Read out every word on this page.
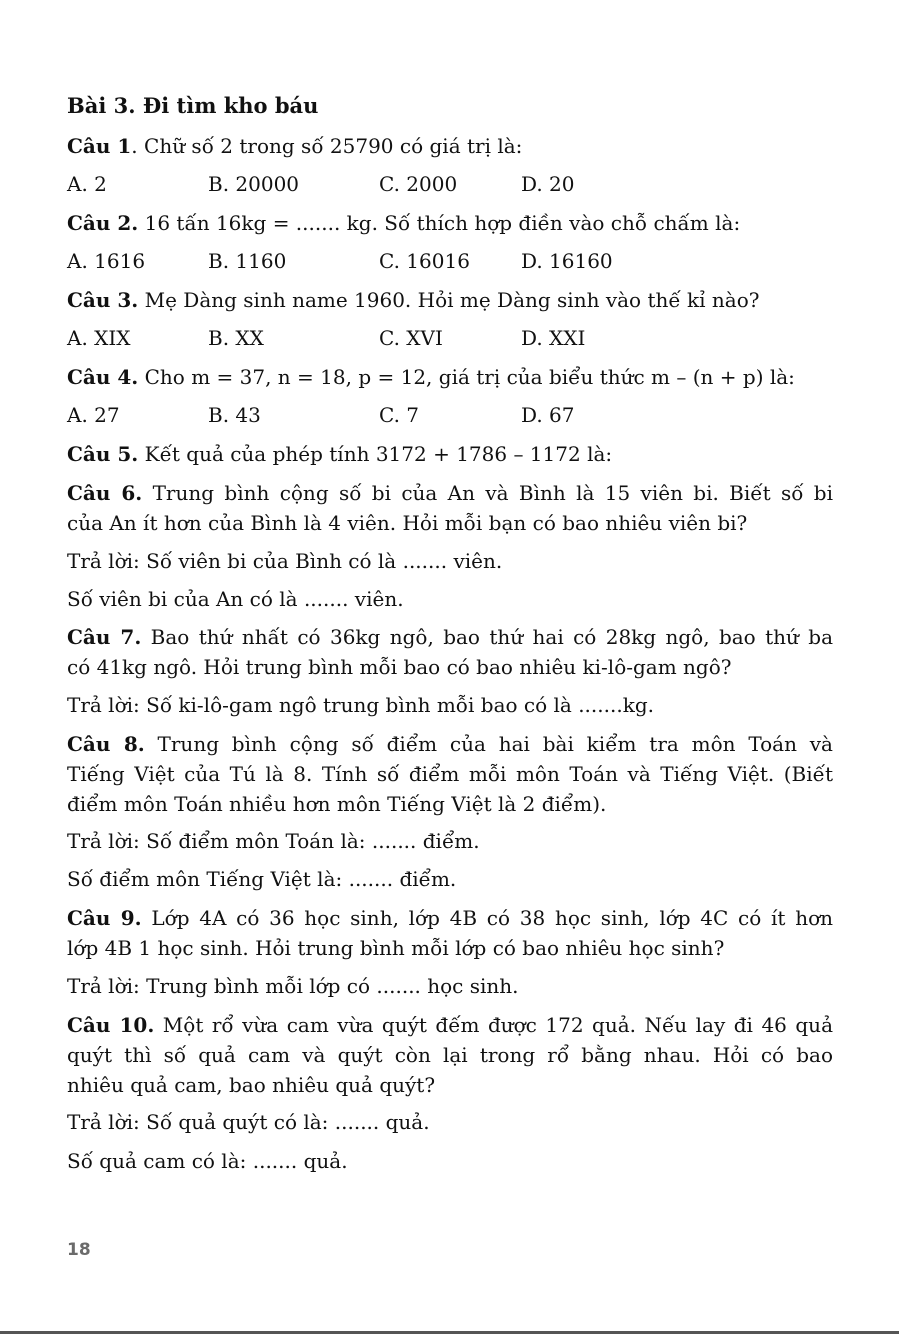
Bài 3. Đi tìm kho báu

Câu 1. Chữ số 2 trong số 25790 có giá trị là:

A. 2	B. 20000	C. 2000	D. 20

Câu 2. 16 tấn 16kg = ....... kg. Số thích hợp điền vào chỗ chấm là:

A. 1616	B. 1160	C. 16016	D. 16160

Câu 3. Mẹ Dàng sinh name 1960. Hỏi mẹ Dàng sinh vào thế kỉ nào?

A. XIX	B. XX	C. XVI	D. XXI

Câu 4. Cho m = 37, n = 18, p = 12, giá trị của biểu thức m – (n + p) là:

A. 27	B. 43	C. 7	D. 67

Câu 5. Kết quả của phép tính 3172 + 1786 – 1172 là:

Câu 6. Trung bình cộng số bi của An và Bình là 15 viên bi. Biết số bi

của An ít hơn của Bình là 4 viên. Hỏi mỗi bạn có bao nhiêu viên bi?

Trả lời: Số viên bi của Bình có là ....... viên.

Số viên bi của An có là ....... viên.

Câu 7. Bao thứ nhất có 36kg ngô, bao thứ hai có 28kg ngô, bao thứ ba

có 41kg ngô. Hỏi trung bình mỗi bao có bao nhiêu ki-lô-gam ngô?

Trả lời: Số ki-lô-gam ngô trung bình mỗi bao có là .......kg.

Câu 8. Trung bình cộng số điểm của hai bài kiểm tra môn Toán và

Tiếng Việt của Tú là 8. Tính số điểm mỗi môn Toán và Tiếng Việt. (Biết

điểm môn Toán nhiều hơn môn Tiếng Việt là 2 điểm).

Trả lời: Số điểm môn Toán là: ....... điểm.

Số điểm môn Tiếng Việt là: ....... điểm.

Câu 9. Lớp 4A có 36 học sinh, lớp 4B có 38 học sinh, lớp 4C có ít hơn

lớp 4B 1 học sinh. Hỏi trung bình mỗi lớp có bao nhiêu học sinh?

Trả lời: Trung bình mỗi lớp có ....... học sinh.

Câu 10. Một rổ vừa cam vừa quýt đếm được 172 quả. Nếu lay đi 46 quả

quýt thì số quả cam và quýt còn lại trong rổ bằng nhau. Hỏi có bao

nhiêu quả cam, bao nhiêu quả quýt?

Trả lời: Số quả quýt có là: ....... quả.

Số quả cam có là: ....... quả.

18
